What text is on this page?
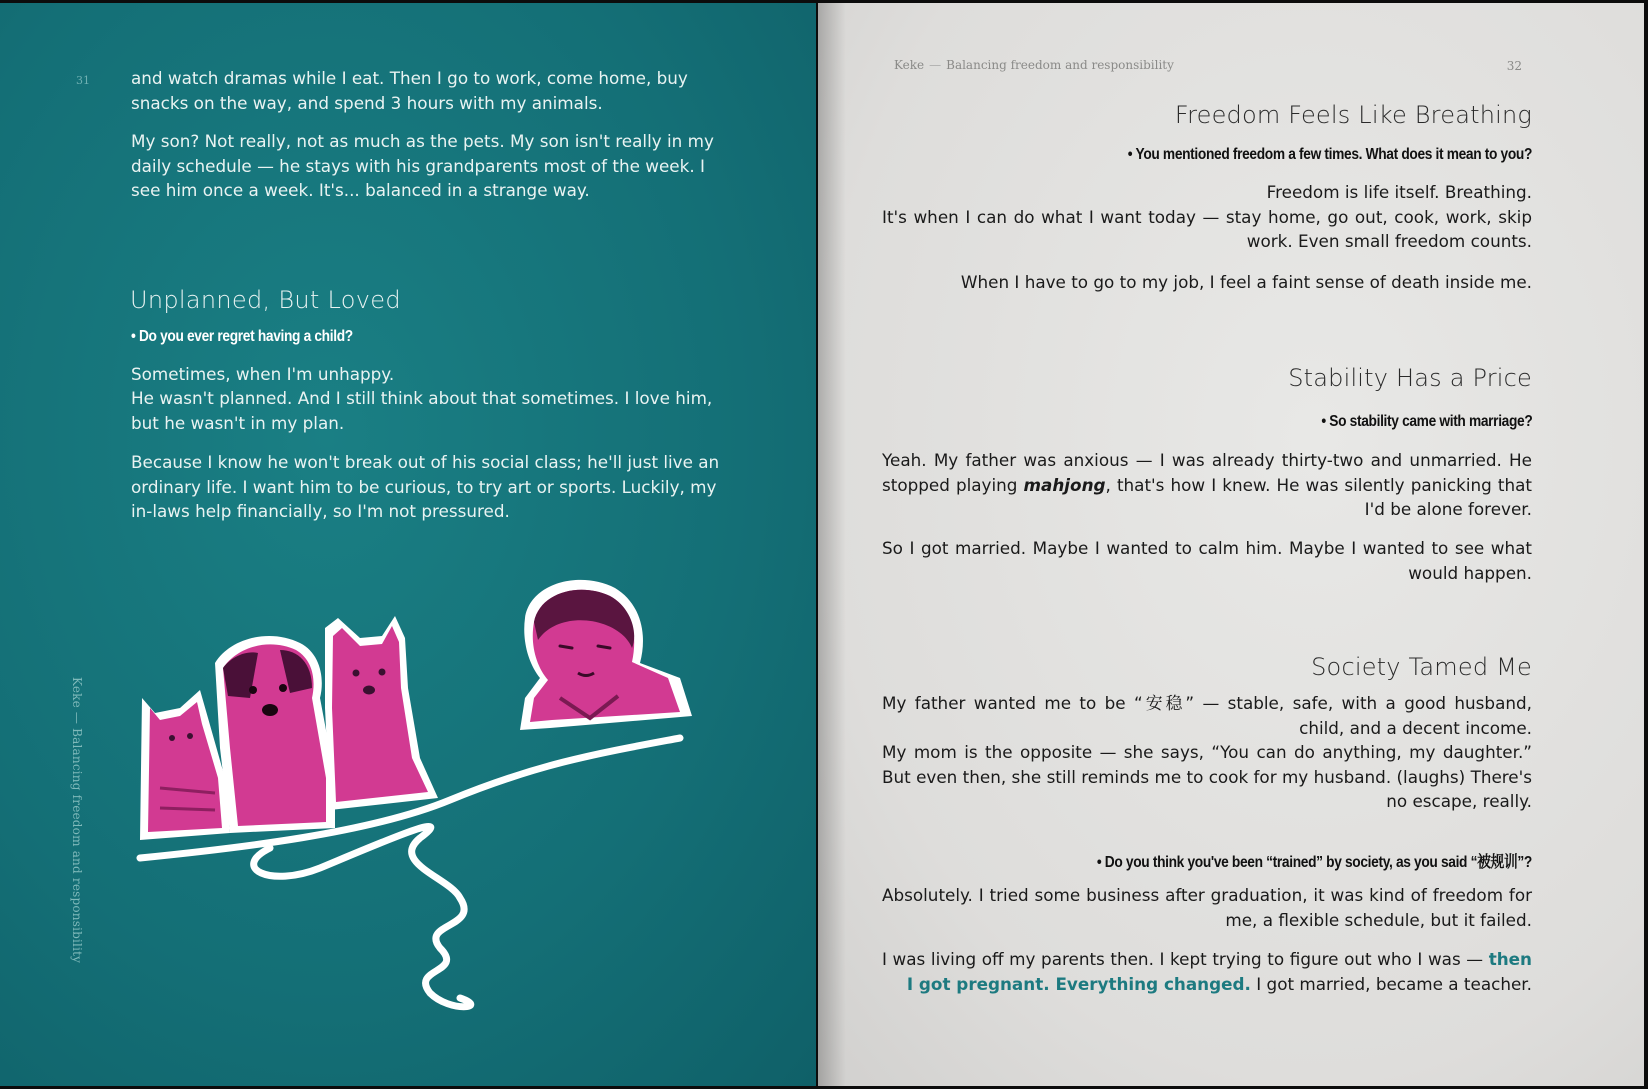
31
Keke — Balancing freedom and responsibility

and watch dramas while I eat. Then I go to work, come home, buy snacks on the way, and spend 3 hours with my animals.

My son? Not really, not as much as the pets. My son isn't really in my daily schedule — he stays with his grandparents most of the week. I see him once a week. It's... balanced in a strange way.

Unplanned, But Loved

• Do you ever regret having a child?

Sometimes, when I'm unhappy.

He wasn't planned. And I still think about that sometimes. I love him, but he wasn't in my plan.

Because I know he won't break out of his social class; he'll just live an ordinary life. I want him to be curious, to try art or sports. Luckily, my in-laws help financially, so I'm not pressured.

Keke — Balancing freedom and responsibility	32
Freedom Feels Like Breathing

• You mentioned freedom a few times. What does it mean to you?

Freedom is life itself. Breathing.

It's when I can do what I want today — stay home, go out, cook, work, skip work. Even small freedom counts.

When I have to go to my job, I feel a faint sense of death inside me.

Stability Has a Price

• So stability came with marriage?

Yeah. My father was anxious — I was already thirty-two and unmarried. He stopped playing mahjong, that's how I knew. He was silently panicking that I'd be alone forever.

So I got married. Maybe I wanted to calm him. Maybe I wanted to see what would happen.

Society Tamed Me

My father wanted me to be “安稳” — stable, safe, with a good husband, child, and a decent income.

My mom is the opposite — she says, “You can do anything, my daughter.” But even then, she still reminds me to cook for my husband. (laughs) There's no escape, really.

• Do you think you've been “trained” by society, as you said “被规训”?

Absolutely. I tried some business after graduation, it was kind of freedom for me, a flexible schedule, but it failed.

I was living off my parents then. I kept trying to figure out who I was — then I got pregnant. Everything changed. I got married, became a teacher.
